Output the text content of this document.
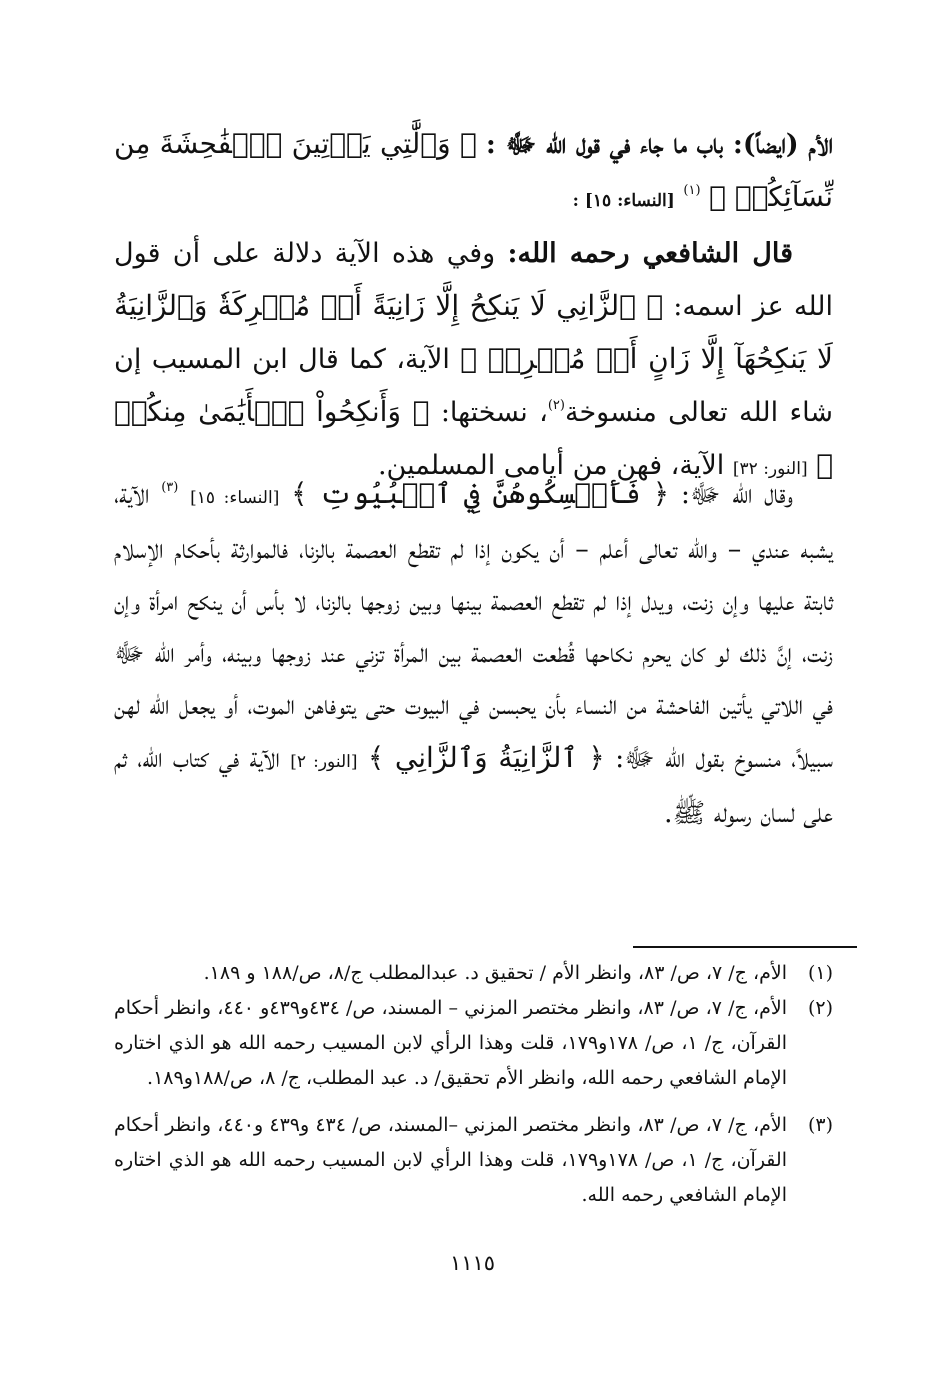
الأم (ايضاً): باب ما جاء في قول الله ﷻ : ﴿ وَٱلَّٰتِي يَأۡتِينَ ٱلۡفَٰحِشَةَ مِن نِّسَآئِكُمۡ ﴾ $^{(١)}$ [النساء: ١٥] :
قال الشافعي رحمه الله: وفي هذه الآية دلالة على أن قول الله عز اسمه: ﴿ ٱلزَّانِي لَا يَنكِحُ إِلَّا زَانِيَةً أَوۡ مُشۡرِكَةٗ وَٱلزَّانِيَةُ لَا يَنكِحُهَآ إِلَّا زَانٍ أَوۡ مُشۡرِكٞ ﴾ الآية، كما قال ابن المسيب إن شاء الله تعالى منسوخة$^{(٢)}$، نسختها: ﴿ وَأَنكِحُواْ ٱلۡأَيَٰمَىٰ مِنكُمۡ ﴾ [النور: ٣٢] الآية، فهن من أيامى المسلمين.
وقال الله ﷻ: ﴿ فَأَمۡسِكُوهُنَّ فِي ٱلۡبُيُوتِ ﴾ [النساء: ١٥] $^{(٣)}$ الآية، يشبه عندي – والله تعالى أعلم – أن يكون إذا لم تقطع العصمة بالزنا، فالموارثة بأحكام الإسلام ثابتة عليها وإن زنت، ويدل إذا لم تقطع العصمة بينها وبين زوجها بالزنا، لا بأس أن ينكح امرأة وإن زنت، إنَّ ذلك لو كان يحرم نكاحها قُطعت العصمة بين المرأة تزني عند زوجها وبينه، وأمر الله ﷻ في اللاتي يأتين الفاحشة من النساء بأن يحبسن في البيوت حتى يتوفاهن الموت، أو يجعل الله لهن سبيلاً، منسوخ بقول الله ﷻ: ﴿ ٱلزَّانِيَةُ وَٱلزَّانِي ﴾ [النور: ٢] الآية في كتاب الله، ثم على لسان رسوله ﷺ.
(١)
الأم، ج/ ٧، ص/ ٨٣، وانظر الأم / تحقيق د. عبدالمطلب ج/٨، ص/١٨٨ و ١٨٩.
(٢)
الأم، ج/ ٧، ص/ ٨٣، وانظر مختصر المزني – المسند، ص/ ٤٣٤و٤٣٩و ٤٤٠، وانظر أحكام القرآن، ج/ ١، ص/ ١٧٨و١٧٩، قلت وهذا الرأي لابن المسيب رحمه الله هو الذي اختاره الإمام الشافعي رحمه الله، وانظر الأم تحقيق/ د. عبد المطلب، ج/ ٨، ص/١٨٨و١٨٩.
(٣)
الأم، ج/ ٧، ص/ ٨٣، وانظر مختصر المزني –المسند، ص/ ٤٣٤ و٤٣٩ و٤٤٠، وانظر أحكام القرآن، ج/ ١، ص/ ١٧٨و١٧٩، قلت وهذا الرأي لابن المسيب رحمه الله هو الذي اختاره الإمام الشافعي رحمه الله.
١١١٥
